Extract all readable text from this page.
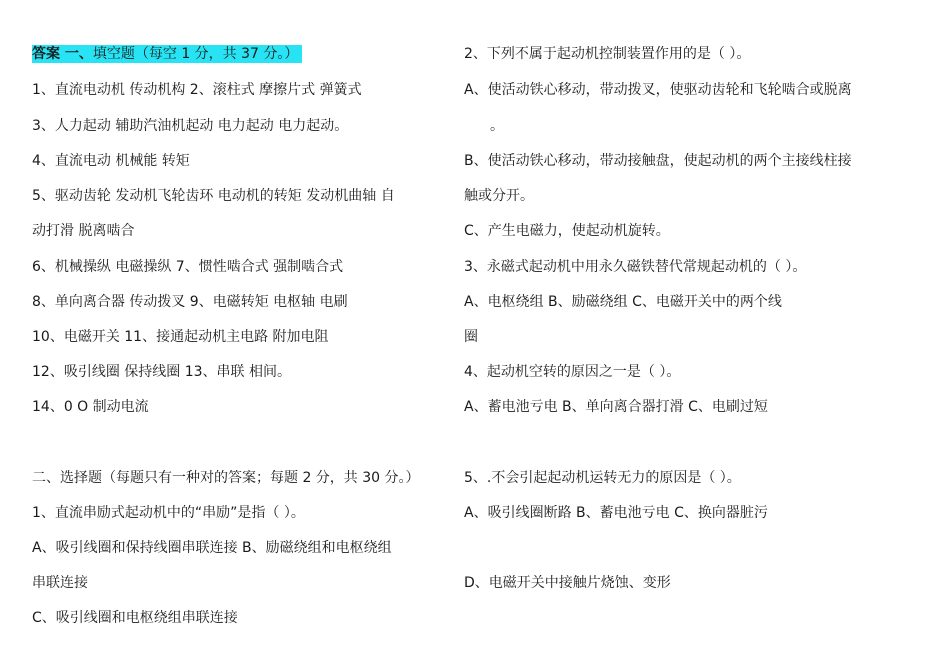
答案 一、填空题（每空 1 分，共 37 分。）
1、直流电动机 传动机构 2、滚柱式 摩擦片式 弹簧式
3、人力起动 辅助汽油机起动 电力起动 电力起动。
4、直流电动 机械能 转矩
5、驱动齿轮 发动机飞轮齿环 电动机的转矩 发动机曲轴 自
动打滑 脱离啮合
6、机械操纵 电磁操纵 7、惯性啮合式 强制啮合式
8、单向离合器 传动拨叉 9、电磁转矩 电枢轴 电刷
10、电磁开关 11、接通起动机主电路 附加电阻
12、吸引线圈 保持线圈 13、串联 相间。
14、0 O 制动电流
二、选择题（每题只有一种对的答案；每题 2 分，共 30 分。）
1、直流串励式起动机中的“串励”是指（ ）。
A、吸引线圈和保持线圈串联连接 B、励磁绕组和电枢绕组
串联连接
C、吸引线圈和电枢绕组串联连接
2、下列不属于起动机控制装置作用的是（ ）。
A、使活动铁心移动，带动拨叉，使驱动齿轮和飞轮啮合或脱离
。
B、使活动铁心移动，带动接触盘，使起动机的两个主接线柱接
触或分开。
C、产生电磁力，使起动机旋转。
3、永磁式起动机中用永久磁铁替代常规起动机的（ ）。
A、电枢绕组 B、励磁绕组 C、电磁开关中的两个线
圈
4、起动机空转的原因之一是（ ）。
A、蓄电池亏电 B、单向离合器打滑 C、电刷过短
5、.不会引起起动机运转无力的原因是（ ）。
A、吸引线圈断路 B、蓄电池亏电 C、换向器脏污
D、电磁开关中接触片烧蚀、变形
